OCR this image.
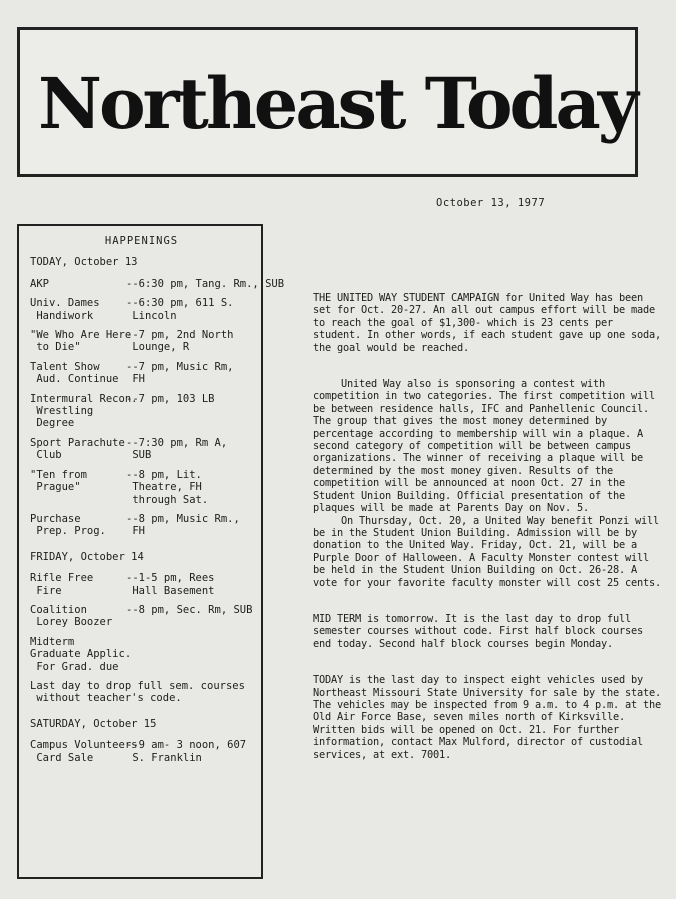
Northeast Today
October 13, 1977
HAPPENINGS
TODAY, October 13
AKP	--6:30 pm, Tang. Rm., SUB
Univ. Dames
Handiwork
--6:30 pm, 611 S.
Lincoln
"We Who Are Here
to Die"
--7 pm, 2nd North
Lounge, R
Talent Show
Aud. Continue
--7 pm, Music Rm,
FH
Intermural Recon.
Wrestling
Degree
--7 pm, 103 LB
Sport Parachute
Club
--7:30 pm, Rm A,
SUB
"Ten from
Prague"
--8 pm, Lit.
Theatre, FH
through Sat.
Purchase
Prep. Prog.
--8 pm, Music Rm.,
FH
FRIDAY, October 14
Rifle Free
Fire
--1-5 pm, Rees
Hall Basement
Coalition
Lorey Boozer
--8 pm, Sec. Rm, SUB
Midterm
Graduate Applic.
For Grad. due
Last day to drop full sem. courses
without teacher's code.
SATURDAY, October 15
Campus Volunteers
Card Sale
--9 am- 3 noon, 607
S. Franklin

THE UNITED WAY STUDENT CAMPAIGN for United Way has been set for Oct. 20-27. An all out campus effort will be made to reach the goal of $1,300- which is 23 cents per student. In other words, if each student gave up one soda, the goal would be reached.

United Way also is sponsoring a contest with competition in two categories. The first competition will be between residence halls, IFC and Panhellenic Council. The group that gives the most money determined by percentage according to membership will win a plaque. A second category of competition will be between campus organizations. The winner of receiving a plaque will be determined by the most money given. Results of the competition will be announced at noon Oct. 27 in the Student Union Building. Official presentation of the plaques will be made at Parents Day on Nov. 5.

On Thursday, Oct. 20, a United Way benefit Ponzi will be in the Student Union Building. Admission will be by donation to the United Way. Friday, Oct. 21, will be a Purple Door of Halloween. A Faculty Monster contest will be held in the Student Union Building on Oct. 26-28. A vote for your favorite faculty monster will cost 25 cents.

MID TERM is tomorrow. It is the last day to drop full semester courses without code. First half block courses end today. Second half block courses begin Monday.

TODAY is the last day to inspect eight vehicles used by Northeast Missouri State University for sale by the state. The vehicles may be inspected from 9 a.m. to 4 p.m. at the Old Air Force Base, seven miles north of Kirksville. Written bids will be opened on Oct. 21. For further information, contact Max Mulford, director of custodial services, at ext. 7001.
